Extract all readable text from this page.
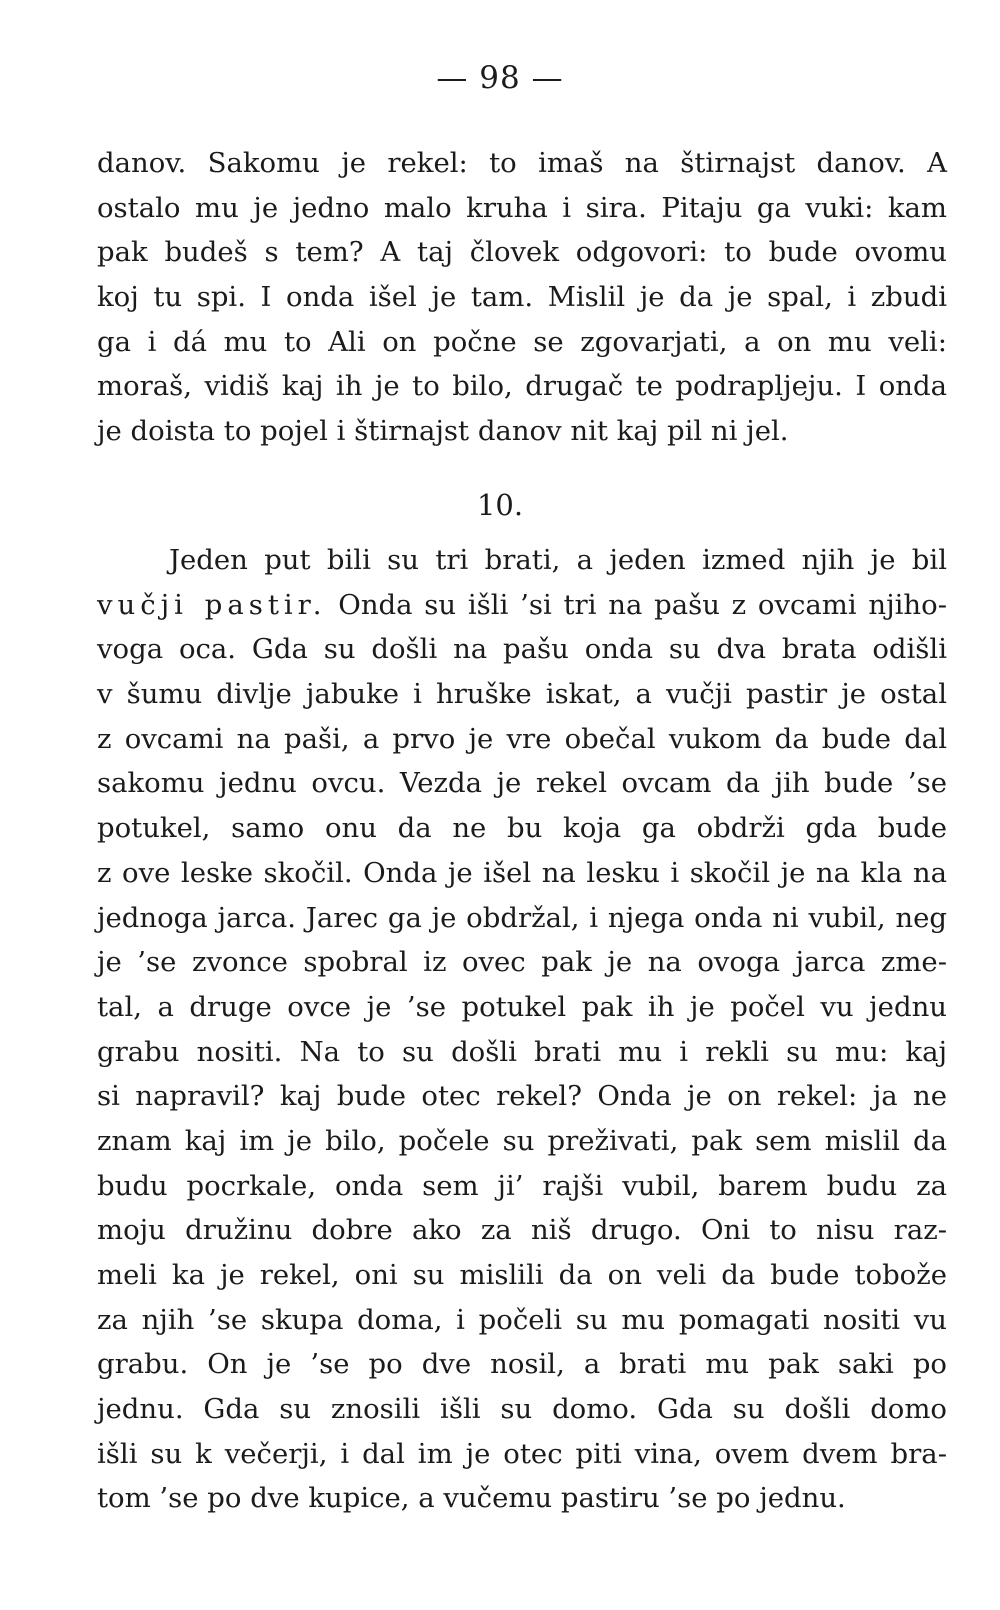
— 98 —
danov. Sakomu je rekel: to imaš na štirnajst danov. A
ostalo mu je jedno malo kruha i sira. Pitaju ga vuki: kam
pak budeš s tem? A taj človek odgovori: to bude ovomu
koj tu spi. I onda išel je tam. Mislil je da je spal, i zbudi
ga i dá mu to Ali on počne se zgovarjati, a on mu veli:
moraš, vidiš kaj ih je to bilo, drugač te podrapljeju. I onda
je doista to pojel i štirnajst danov nit kaj pil ni jel.
10.
Jeden put bili su tri brati, a jeden izmed njih je bil
vučji pastir. Onda su išli ’si tri na pašu z ovcami njiho-
voga oca. Gda su došli na pašu onda su dva brata odišli
v šumu divlje jabuke i hruške iskat, a vučji pastir je ostal
z ovcami na paši, a prvo je vre obečal vukom da bude dal
sakomu jednu ovcu. Vezda je rekel ovcam da jih bude ’se
potukel, samo onu da ne bu koja ga obdrži gda bude
z ove leske skočil. Onda je išel na lesku i skočil je na kla na
jednoga jarca. Jarec ga je obdržal, i njega onda ni vubil, neg
je ’se zvonce spobral iz ovec pak je na ovoga jarca zme-
tal, a druge ovce je ’se potukel pak ih je počel vu jednu
grabu nositi. Na to su došli brati mu i rekli su mu: kaj
si napravil? kaj bude otec rekel? Onda je on rekel: ja ne
znam kaj im je bilo, počele su preživati, pak sem mislil da
budu pocrkale, onda sem ji’ rajši vubil, barem budu za
moju družinu dobre ako za niš drugo. Oni to nisu raz-
meli ka je rekel, oni su mislili da on veli da bude tobože
za njih ’se skupa doma, i počeli su mu pomagati nositi vu
grabu. On je ’se po dve nosil, a brati mu pak saki po
jednu. Gda su znosili išli su domo. Gda su došli domo
išli su k večerji, i dal im je otec piti vina, ovem dvem bra-
tom ’se po dve kupice, a vučemu pastiru ’se po jednu.
